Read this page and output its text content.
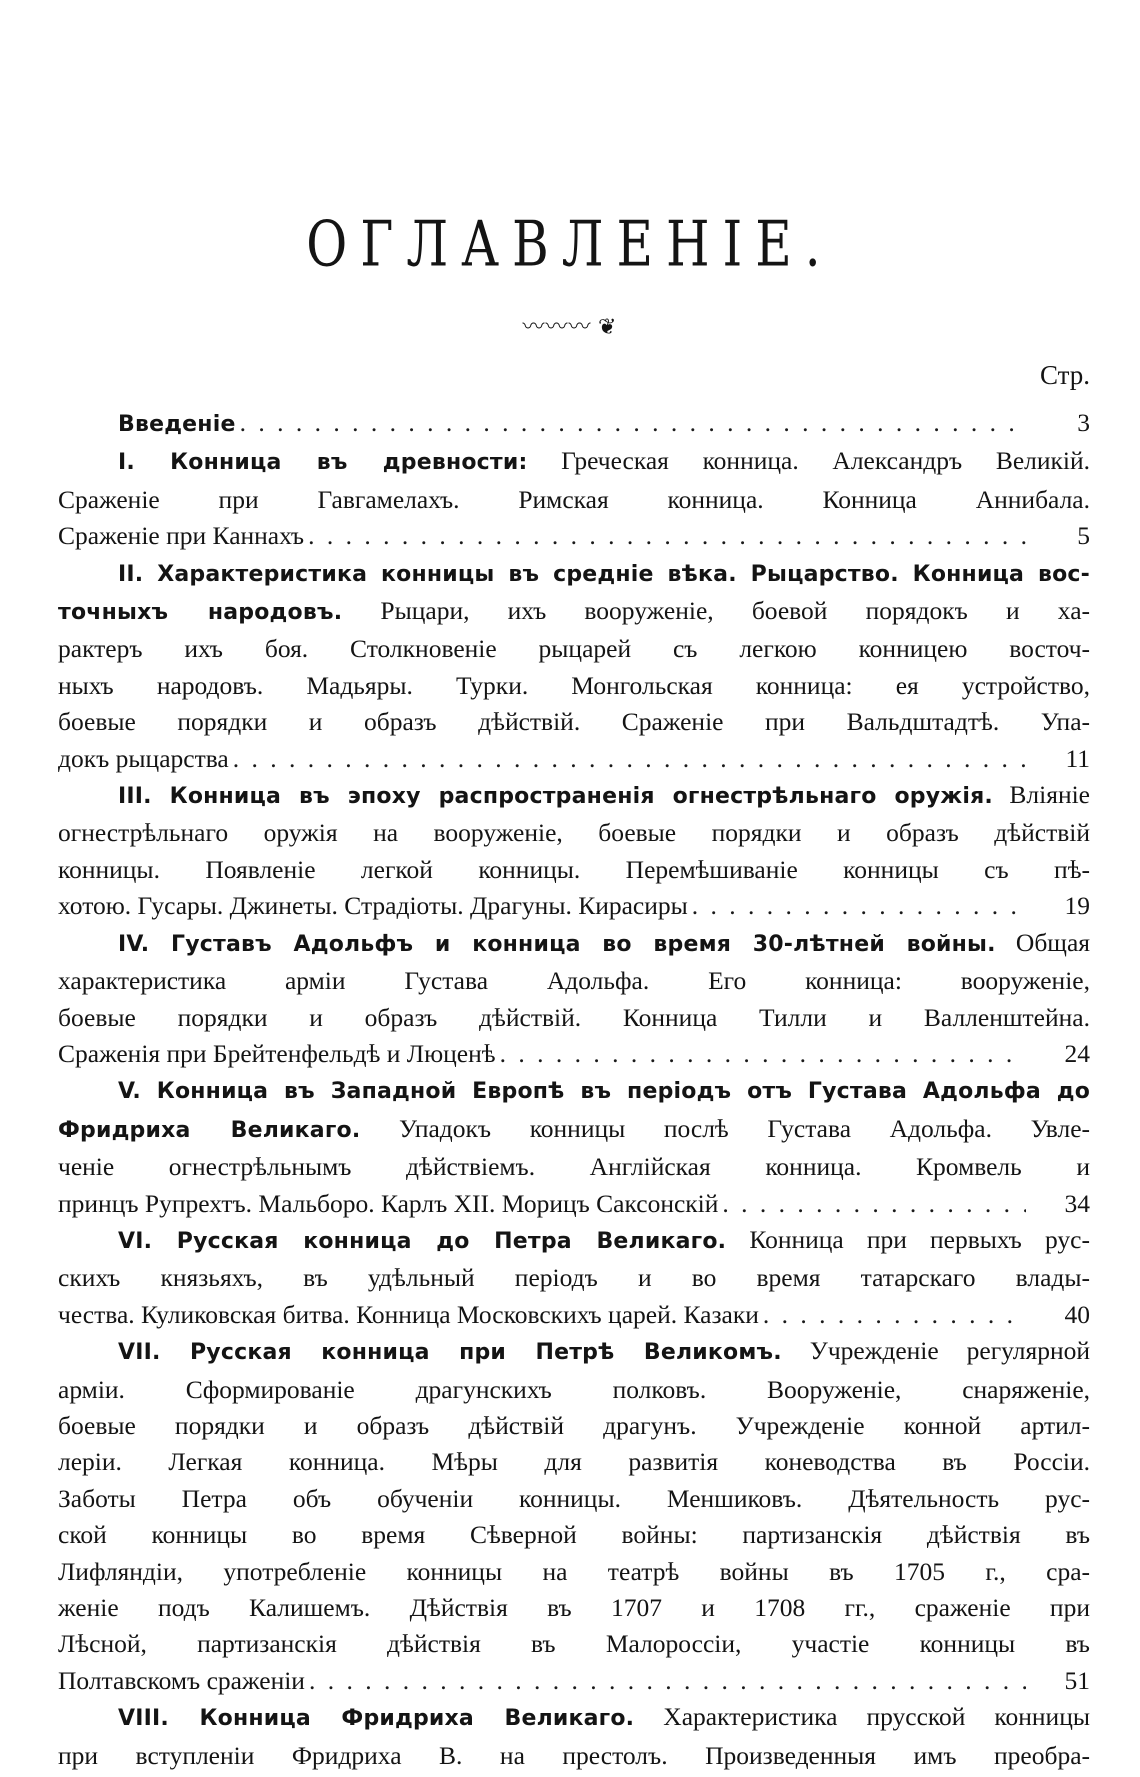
ОГЛАВЛЕНIЕ.
〰〰〰 ❦
Стр.
Введенiе . . .	3
I. Конница въ древности: Греческая конница. Александръ Великiй.
Сраженiе при Гавгамелахъ. Римская конница. Конница Аннибала.
Сраженiе при Каннахъ . . .	5
II. Характеристика конницы въ среднiе вѣка. Рыцарство. Конница вос-
точныхъ народовъ. Рыцари, ихъ вооруженiе, боевой порядокъ и ха-
рактеръ ихъ боя. Столкновенiе рыцарей съ легкою конницею восточ-
ныхъ народовъ. Мадьяры. Турки. Монгольская конница: ея устройство,
боевые порядки и образъ дѣйствiй. Сраженiе при Вальдштадтѣ. Упа-
докъ рыцарства . . .	11
III. Конница въ эпоху распространенiя огнестрѣльнаго оружiя. Влiянiе
огнестрѣльнаго оружiя на вооруженiе, боевые порядки и образъ дѣйствiй
конницы. Появленiе легкой конницы. Перемѣшиванiе конницы съ пѣ-
хотою. Гусары. Джинеты. Страдiоты. Драгуны. Кирасиры . . .	19
IV. Густавъ Адольфъ и конница во время 30-лѣтней войны. Общая
характеристика армiи Густава Адольфа. Его конница: вооруженiе,
боевые порядки и образъ дѣйствiй. Конница Тилли и Валленштейна.
Сраженiя при Брейтенфельдѣ и Люценѣ . . .	24
V. Конница въ Западной Европѣ въ перiодъ отъ Густава Адольфа до
Фридриха Великаго. Упадокъ конницы послѣ Густава Адольфа. Увле-
ченiе огнестрѣльнымъ дѣйствiемъ. Англiйская конница. Кромвель и
принцъ Рупрехтъ. Мальборо. Карлъ XII. Морицъ Саксонскiй . . .	34
VI. Русская конница до Петра Великаго. Конница при первыхъ рус-
скихъ князьяхъ, въ удѣльный перiодъ и во время татарскаго влады-
чества. Куликовская битва. Конница Московскихъ царей. Казаки . . .	40
VII. Русская конница при Петрѣ Великомъ. Учрежденiе регулярной
армiи. Сформированiе драгунскихъ полковъ. Вооруженiе, снаряженiе,
боевые порядки и образъ дѣйствiй драгунъ. Учрежденiе конной артил-
лерiи. Легкая конница. Мѣры для развитiя коневодства въ Россiи.
Заботы Петра объ обученiи конницы. Меншиковъ. Дѣятельность рус-
ской конницы во время Сѣверной войны: партизанскiя дѣйствiя въ
Лифляндiи, употребленiе конницы на театрѣ войны въ 1705 г., сра-
женiе подъ Калишемъ. Дѣйствiя въ 1707 и 1708 гг., сраженiе при
Лѣсной, партизанскiя дѣйствiя въ Малороссiи, участiе конницы въ
Полтавскомъ сраженiи . . .	51
VIII. Конница Фридриха Великаго. Характеристика прусской конницы
при вступленiи Фридриха В. на престолъ. Произведенныя имъ преобра-
